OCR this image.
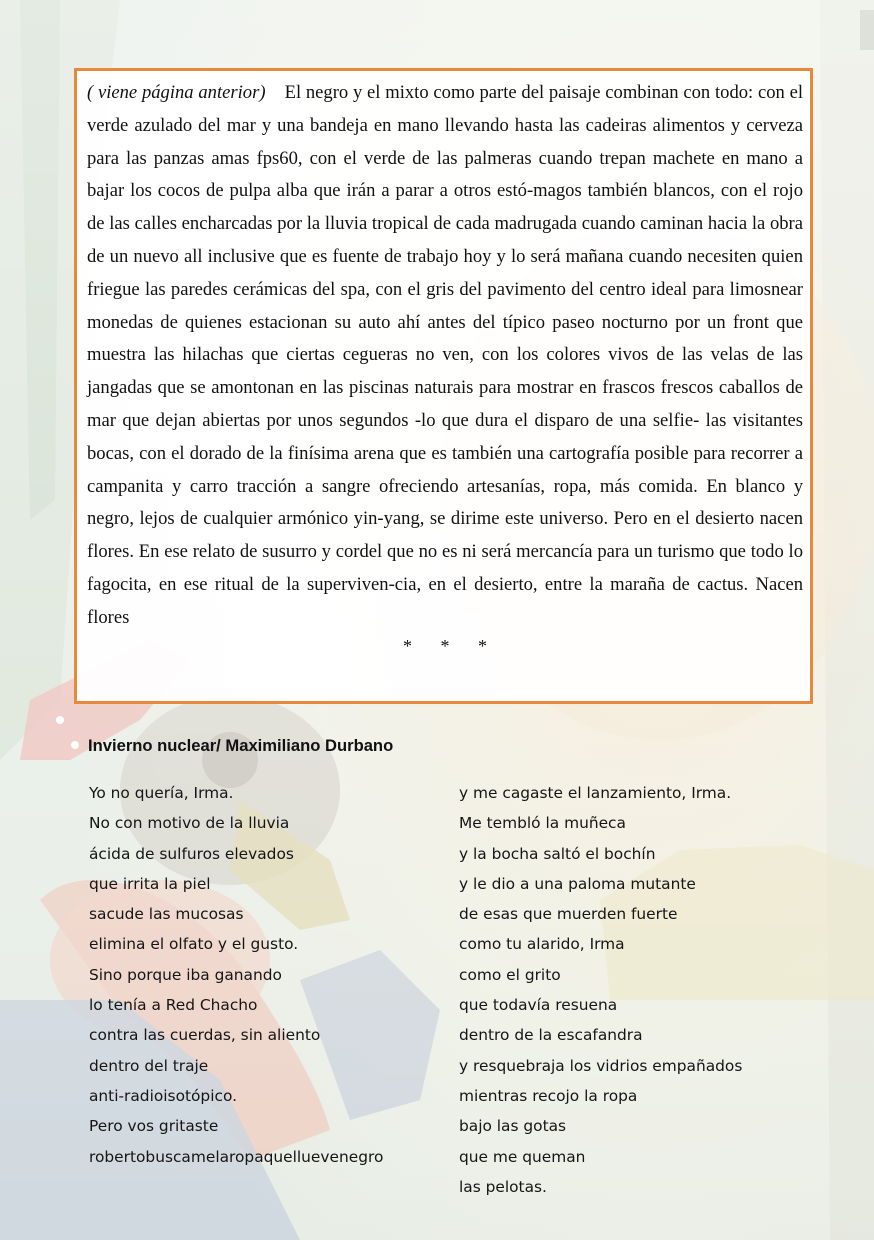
( viene página anterior) El negro y el mixto como parte del paisaje combinan con todo: con el verde azulado del mar y una bandeja en mano llevando hasta las cadeiras alimentos y cerveza para las panzas amas fps60, con el verde de las palmeras cuando trepan machete en mano a bajar los cocos de pulpa alba que irán a parar a otros estó-magos también blancos, con el rojo de las calles encharcadas por la lluvia tropical de cada madrugada cuando caminan hacia la obra de un nuevo all inclusive que es fuente de trabajo hoy y lo será mañana cuando necesiten quien friegue las paredes cerámicas del spa, con el gris del pavimento del centro ideal para limosnear monedas de quienes estacionan su auto ahí antes del típico paseo nocturno por un front que muestra las hilachas que ciertas cegueras no ven, con los colores vivos de las velas de las jangadas que se amontonan en las piscinas naturais para mostrar en frascos frescos caballos de mar que dejan abiertas por unos segundos -lo que dura el disparo de una selfie- las visitantes bocas, con el dorado de la finísima arena que es también una cartografía posible para recorrer a campanita y carro tracción a sangre ofreciendo artesanías, ropa, más comida. En blanco y negro, lejos de cualquier armónico yin-yang, se dirime este universo. Pero en el desierto nacen flores. En ese relato de susurro y cordel que no es ni será mercancía para un turismo que todo lo fagocita, en ese ritual de la superviven-cia, en el desierto, entre la maraña de cactus. Nacen flores

* * *
Invierno nuclear/ Maximiliano Durbano
Yo no quería, Irma.
No con motivo de la lluvia
ácida de sulfuros elevados
que irrita la piel
sacude las mucosas
elimina el olfato y el gusto.
Sino porque iba ganando
lo tenía a Red Chacho
contra las cuerdas, sin aliento
dentro del traje
anti-radioisotópico.
Pero vos gritaste
robertobuscamelaropaquelluevenegro
y me cagaste el lanzamiento, Irma.
Me tembló la muñeca
y la bocha saltó el bochín
y le dio a una paloma mutante
de esas que muerden fuerte
como tu alarido, Irma
como el grito
que todavía resuena
dentro de la escafandra
y resquebraja los vidrios empañados
mientras recojo la ropa
bajo las gotas
que me queman
las pelotas.
